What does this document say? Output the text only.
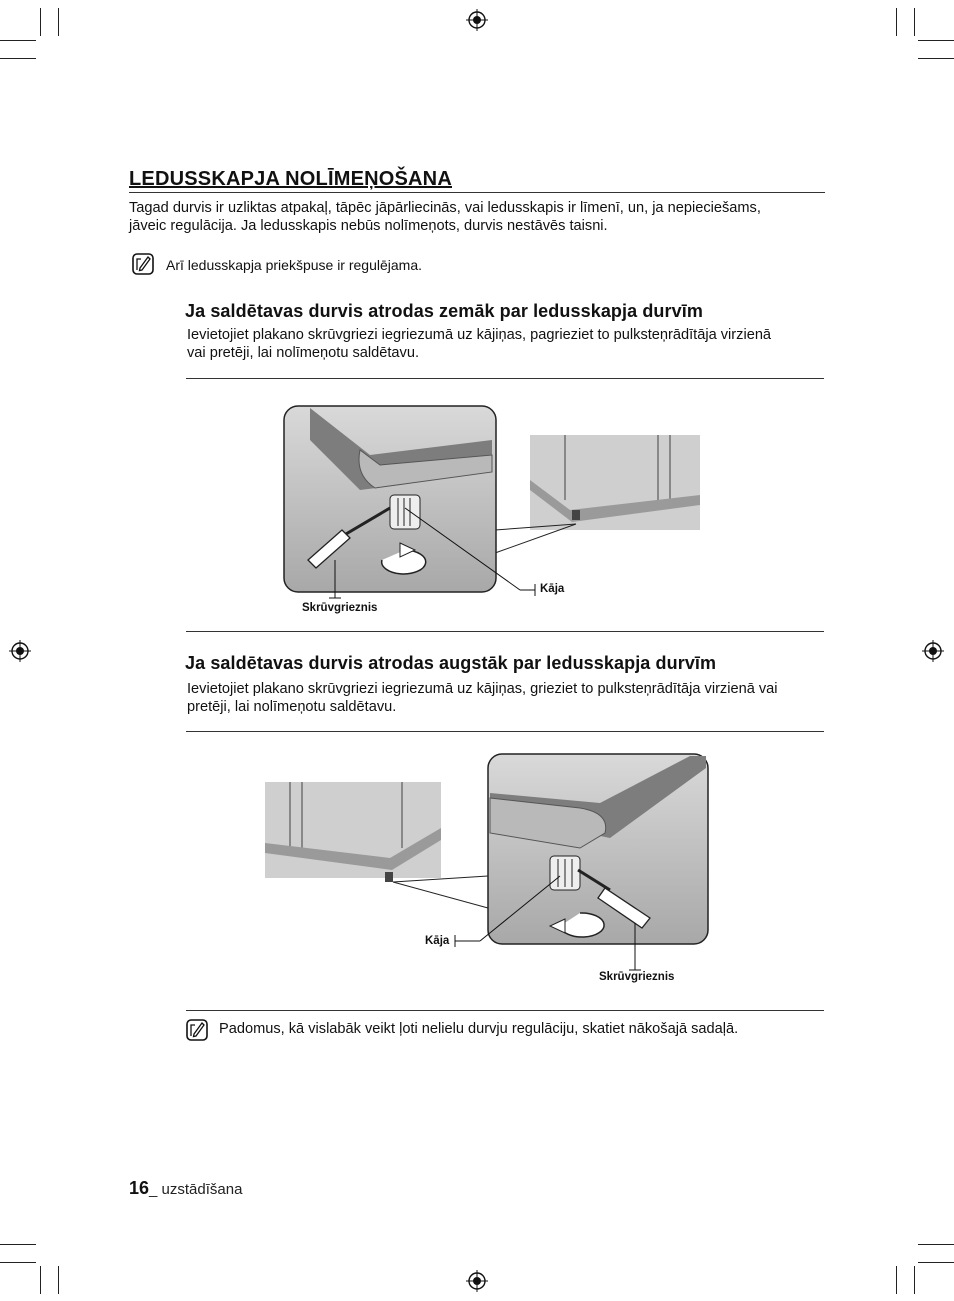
LEDUSSKAPJA NOLĪMEŅOŠANA

Tagad durvis ir uzliktas atpakaļ, tāpēc jāpārliecinās, vai ledusskapis ir līmenī, un, ja nepieciešams,

jāveic regulācija. Ja ledusskapis nebūs nolīmeņots, durvis nestāvēs taisni.

Arī ledusskapja priekšpuse ir regulējama.

Ja saldētavas durvis atrodas zemāk par ledusskapja durvīm

Ievietojiet plakano skrūvgriezi iegriezumā uz kājiņas, pagrieziet to pulksteņrādītāja virzienā

vai pretēji, lai nolīmeņotu saldētavu.

Kāja
Skrūvgrieznis
Ja saldētavas durvis atrodas augstāk par ledusskapja durvīm

Ievietojiet plakano skrūvgriezi iegriezumā uz kājiņas, grieziet to pulksteņrādītāja virzienā vai

pretēji, lai nolīmeņotu saldētavu.

Kāja
Skrūvgrieznis

Padomus, kā vislabāk veikt ļoti nelielu durvju regulāciju, skatiet nākošajā sadaļā.

16_ uzstādīšana
